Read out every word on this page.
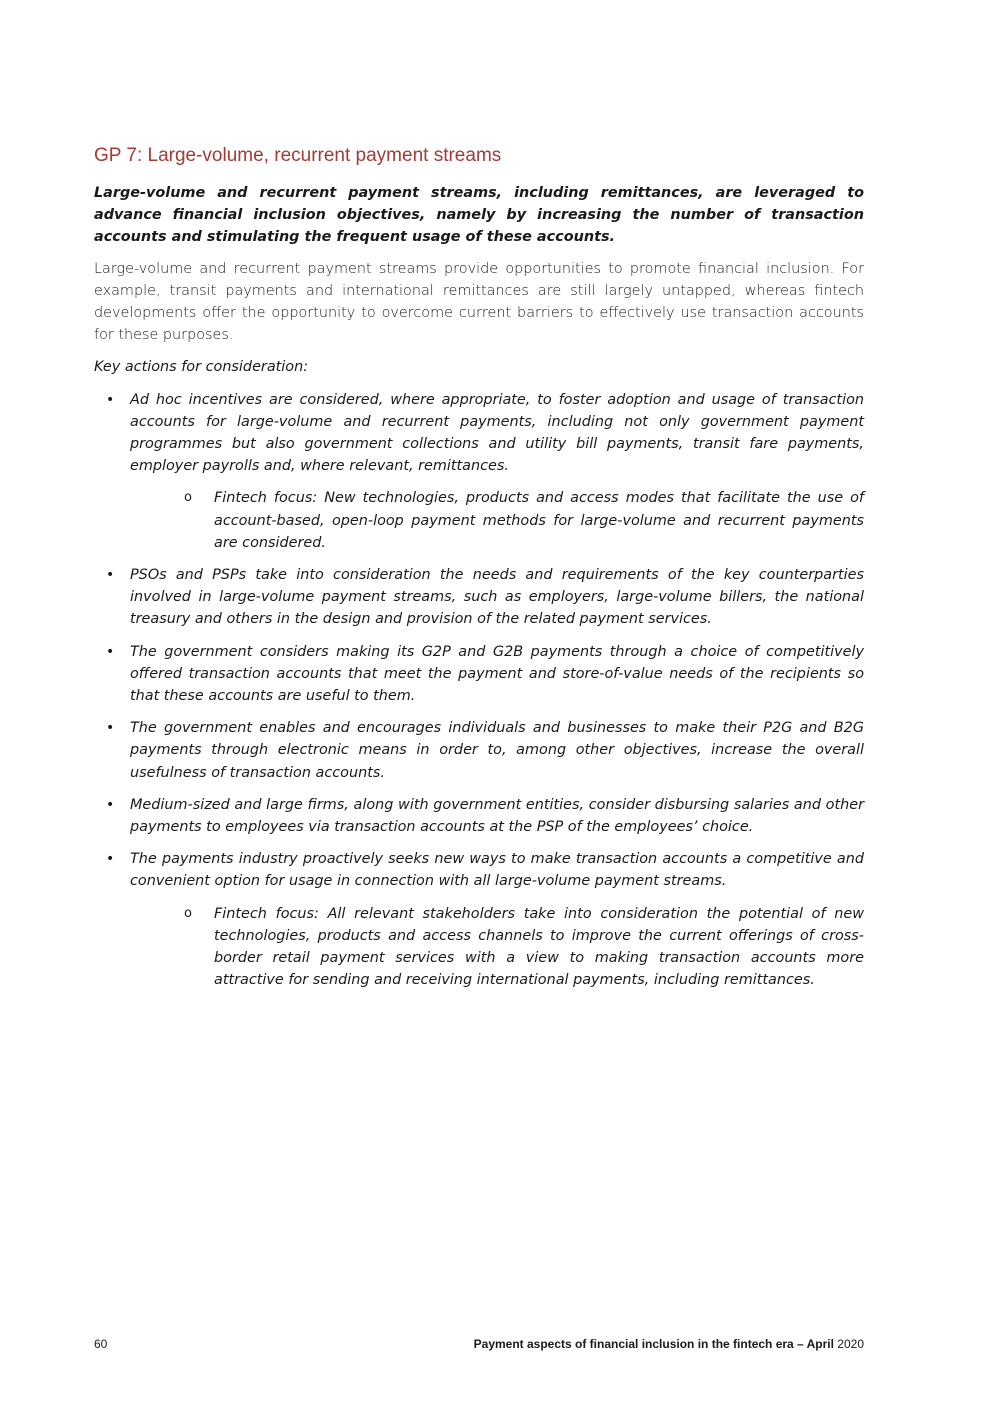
GP 7: Large-volume, recurrent payment streams

Large-volume and recurrent payment streams, including remittances, are leveraged to advance financial inclusion objectives, namely by increasing the number of transaction accounts and stimulating the frequent usage of these accounts.

Large-volume and recurrent payment streams provide opportunities to promote financial inclusion. For example, transit payments and international remittances are still largely untapped, whereas fintech developments offer the opportunity to overcome current barriers to effectively use transaction accounts for these purposes.

Key actions for consideration:

• Ad hoc incentives are considered, where appropriate, to foster adoption and usage of transaction accounts for large-volume and recurrent payments, including not only government payment programmes but also government collections and utility bill payments, transit fare payments, employer payrolls and, where relevant, remittances.
o	Fintech focus: New technologies, products and access modes that facilitate the use of account-based, open-loop payment methods for large-volume and recurrent payments are considered.
• PSOs and PSPs take into consideration the needs and requirements of the key counterparties involved in large-volume payment streams, such as employers, large-volume billers, the national treasury and others in the design and provision of the related payment services.
• The government considers making its G2P and G2B payments through a choice of competitively offered transaction accounts that meet the payment and store-of-value needs of the recipients so that these accounts are useful to them.
• The government enables and encourages individuals and businesses to make their P2G and B2G payments through electronic means in order to, among other objectives, increase the overall usefulness of transaction accounts.
• Medium-sized and large firms, along with government entities, consider disbursing salaries and other payments to employees via transaction accounts at the PSP of the employees’ choice.
• The payments industry proactively seeks new ways to make transaction accounts a competitive and convenient option for usage in connection with all large-volume payment streams.
o	Fintech focus: All relevant stakeholders take into consideration the potential of new technologies, products and access channels to improve the current offerings of cross-border retail payment services with a view to making transaction accounts more attractive for sending and receiving international payments, including remittances.
60	Payment aspects of financial inclusion in the fintech era – April 2020
